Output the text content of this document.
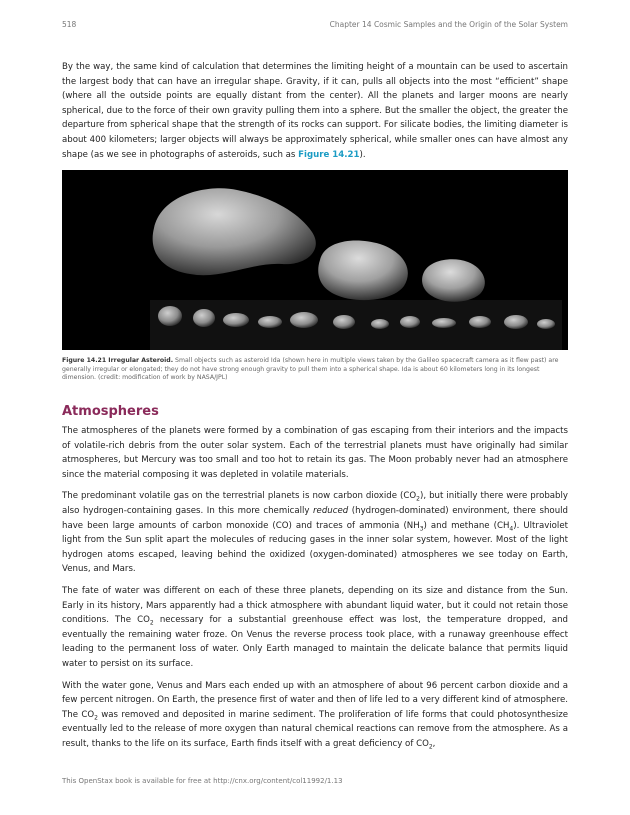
518	Chapter 14 Cosmic Samples and the Origin of the Solar System

By the way, the same kind of calculation that determines the limiting height of a mountain can be used to ascertain the largest body that can have an irregular shape. Gravity, if it can, pulls all objects into the most “efficient” shape (where all the outside points are equally distant from the center). All the planets and larger moons are nearly spherical, due to the force of their own gravity pulling them into a sphere. But the smaller the object, the greater the departure from spherical shape that the strength of its rocks can support. For silicate bodies, the limiting diameter is about 400 kilometers; larger objects will always be approximately spherical, while smaller ones can have almost any shape (as we see in photographs of asteroids, such as Figure 14.21).

Figure 14.21 Irregular Asteroid. Small objects such as asteroid Ida (shown here in multiple views taken by the Galileo spacecraft camera as it flew past) are generally irregular or elongated; they do not have strong enough gravity to pull them into a spherical shape. Ida is about 60 kilometers long in its longest dimension. (credit: modification of work by NASA/JPL)
Atmospheres

The atmospheres of the planets were formed by a combination of gas escaping from their interiors and the impacts of volatile-rich debris from the outer solar system. Each of the terrestrial planets must have originally had similar atmospheres, but Mercury was too small and too hot to retain its gas. The Moon probably never had an atmosphere since the material composing it was depleted in volatile materials.

The predominant volatile gas on the terrestrial planets is now carbon dioxide $(CO_2)$, but initially there were probably also hydrogen-containing gases. In this more chemically reduced (hydrogen-dominated) environment, there should have been large amounts of carbon monoxide (CO) and traces of ammonia $(NH_3)$ and methane $(CH_4)$. Ultraviolet light from the Sun split apart the molecules of reducing gases in the inner solar system, however. Most of the light hydrogen atoms escaped, leaving behind the oxidized (oxygen-dominated) atmospheres we see today on Earth, Venus, and Mars.

The fate of water was different on each of these three planets, depending on its size and distance from the Sun. Early in its history, Mars apparently had a thick atmosphere with abundant liquid water, but it could not retain those conditions. The $CO_2$ necessary for a substantial greenhouse effect was lost, the temperature dropped, and eventually the remaining water froze. On Venus the reverse process took place, with a runaway greenhouse effect leading to the permanent loss of water. Only Earth managed to maintain the delicate balance that permits liquid water to persist on its surface.

With the water gone, Venus and Mars each ended up with an atmosphere of about 96 percent carbon dioxide and a few percent nitrogen. On Earth, the presence first of water and then of life led to a very different kind of atmosphere. The $CO_2$ was removed and deposited in marine sediment. The proliferation of life forms that could photosynthesize eventually led to the release of more oxygen than natural chemical reactions can remove from the atmosphere. As a result, thanks to the life on its surface, Earth finds itself with a great deficiency of $CO_2$,

This OpenStax book is available for free at http://cnx.org/content/col11992/1.13
